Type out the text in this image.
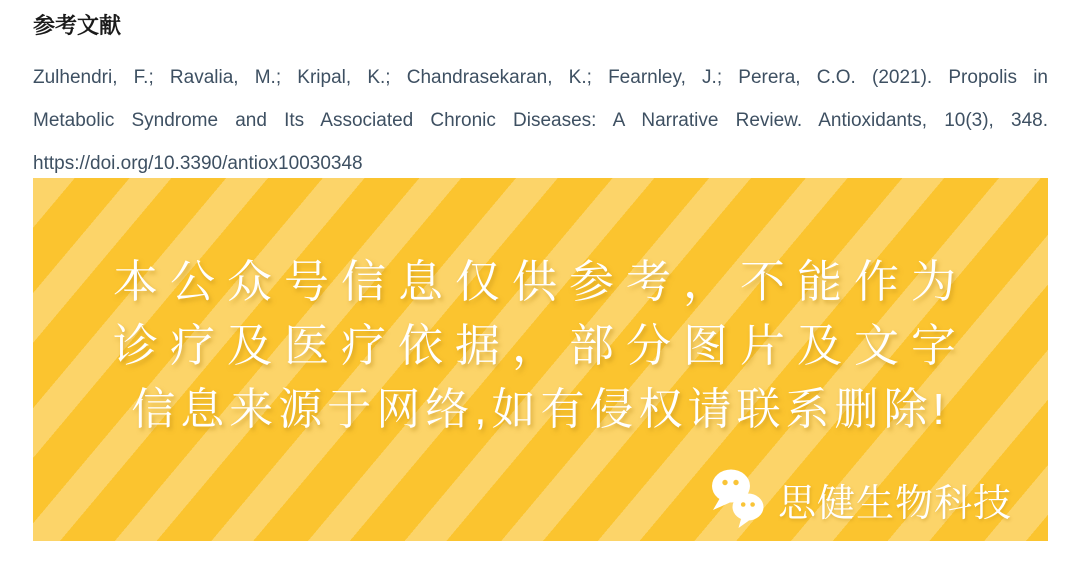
参考文献
Zulhendri, F.; Ravalia, M.; Kripal, K.; Chandrasekaran, K.; Fearnley, J.; Perera, C.O. (2021). Propolis in
Metabolic Syndrome and Its Associated Chronic Diseases: A Narrative Review. Antioxidants, 10(3), 348.
https://doi.org/10.3390/antiox10030348
本公众号信息仅供参考，不能作为
诊疗及医疗依据，部分图片及文字
信息来源于网络,如有侵权请联系删除!
思健生物科技
